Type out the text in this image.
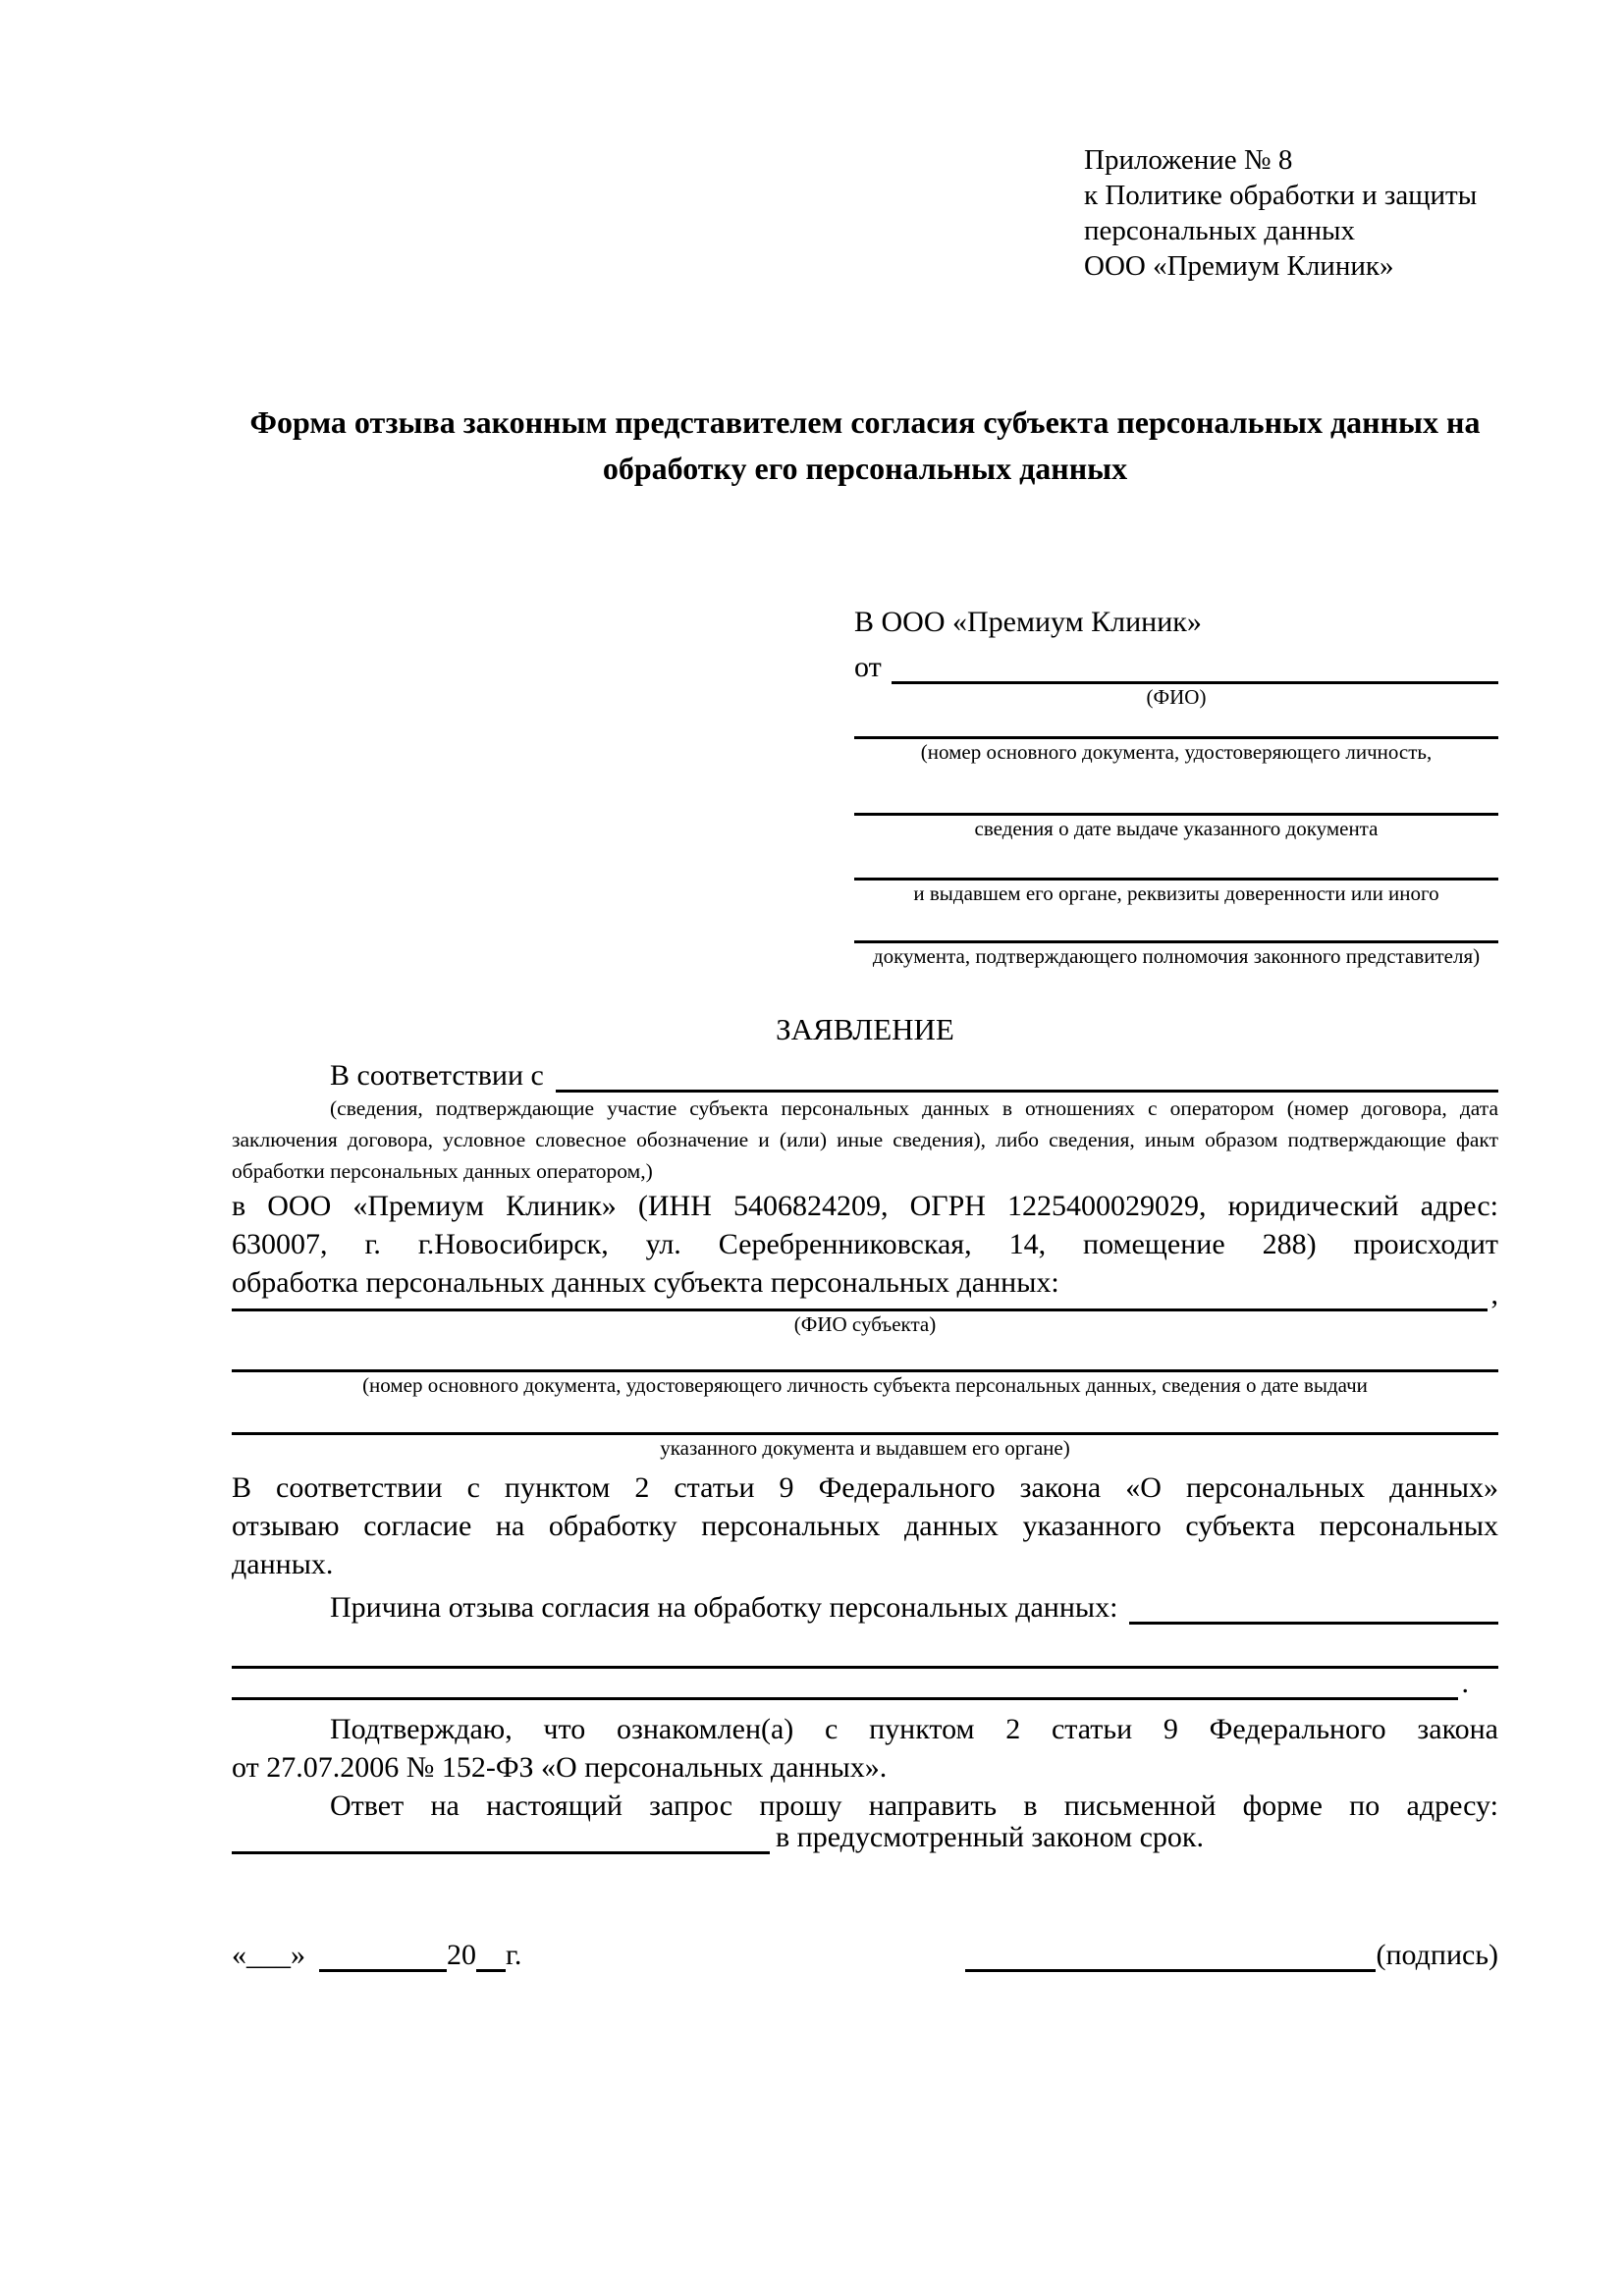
Приложение № 8
к Политике обработки и защиты
персональных данных
ООО «Премиум Клиник»
Форма отзыва законным представителем согласия субъекта персональных данных на обработку его персональных данных
В ООО «Премиум Клиник»
от
(ФИО)
(номер основного документа, удостоверяющего личность,
сведения о дате выдаче указанного документа
и выдавшем его органе, реквизиты доверенности или иного
документа, подтверждающего полномочия законного представителя)
ЗАЯВЛЕНИЕ
В соответствии с
(сведения, подтверждающие участие субъекта персональных данных в отношениях с оператором (номер договора, дата
заключения договора, условное словесное обозначение и (или) иные сведения), либо сведения, иным образом подтверждающие факт
обработки персональных данных оператором,)
в ООО «Премиум Клиник» (ИНН 5406824209, ОГРН 1225400029029, юридический адрес:
630007, г. г.Новосибирск, ул. Серебренниковская, 14, помещение 288) происходит
обработка персональных данных субъекта персональных данных:	,
(ФИО субъекта)
(номер основного документа, удостоверяющего личность субъекта персональных данных, сведения о дате выдачи
указанного документа и выдавшем его органе)
В соответствии с пунктом 2 статьи 9 Федерального закона «О персональных данных»
отзываю согласие на обработку персональных данных указанного субъекта персональных
данных.
Причина отзыва согласия на обработку персональных данных:
.
Подтверждаю, что ознакомлен(а) с пунктом 2 статьи 9 Федерального закона
от 27.07.2006 № 152-ФЗ «О персональных данных».
Ответ на настоящий запрос прошу направить в письменной форме по адресу:
в предусмотренный законом срок.
«___»	20 г.	(подпись)
